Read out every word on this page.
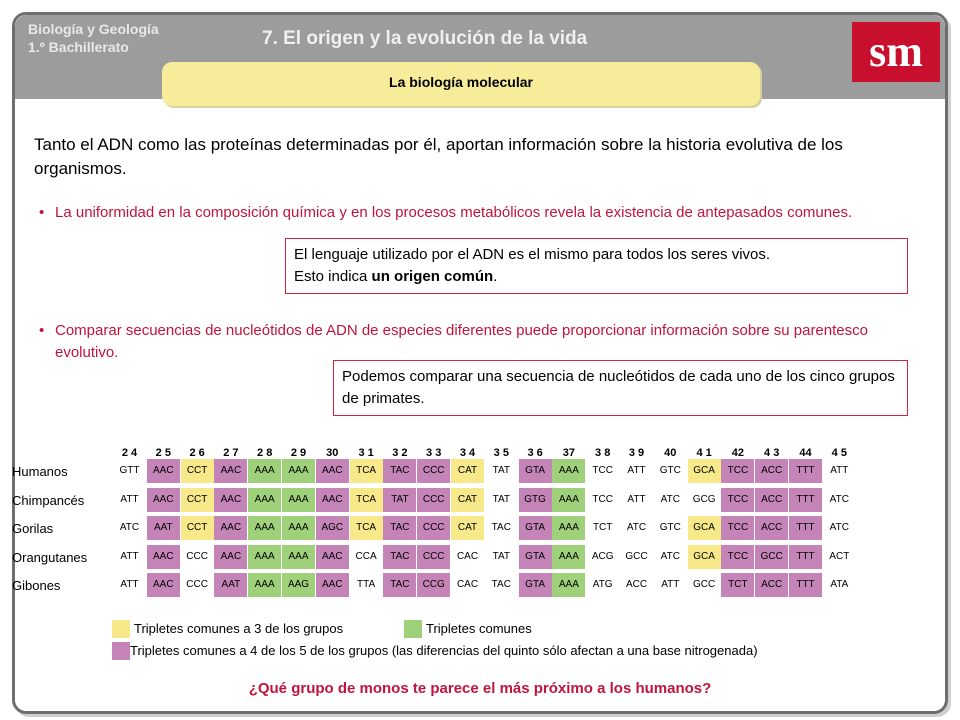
Biología y Geología
1.º Bachillerato	7. El origen y la evolución de la vida	sm
La biología molecular
Tanto el ADN como las proteínas determinadas por él, aportan información sobre la historia evolutiva de los organismos.
• La uniformidad en la composición química y en los procesos metabólicos revela la existencia de antepasados comunes.
El lenguaje utilizado por el ADN es el mismo para todos los seres vivos.
Esto indica un origen común.
• Comparar secuencias de nucleótidos de ADN de especies diferentes puede proporcionar información sobre su parentesco evolutivo.
Podemos comparar una secuencia de nucleótidos de cada uno de los cinco grupos de primates.
2 4	2 5	2 6	2 7	2 8	2 9	30	3 1	3 2	3 3	3 4	3 5	3 6	37	3 8	3 9	40	4 1	42	4 3	44	4 5
Humanos	GTT	AAC	CCT	AAC	AAA	AAA	AAC	TCA	TAC	CCC	CAT	TAT	GTA	AAA	TCC	ATT	GTC	GCA	TCC	ACC	TTT	ATT
Chimpancés	ATT	AAC	CCT	AAC	AAA	AAA	AAC	TCA	TAT	CCC	CAT	TAT	GTG	AAA	TCC	ATT	ATC	GCG	TCC	ACC	TTT	ATC
Gorilas	ATC	AAT	CCT	AAC	AAA	AAA	AGC	TCA	TAC	CCC	CAT	TAC	GTA	AAA	TCT	ATC	GTC	GCA	TCC	ACC	TTT	ATC
Orangutanes	ATT	AAC	CCC	AAC	AAA	AAA	AAC	CCA	TAC	CCC	CAC	TAT	GTA	AAA	ACG	GCC	ATC	GCA	TCC	GCC	TTT	ACT
Gibones	ATT	AAC	CCC	AAT	AAA	AAG	AAC	TTA	TAC	CCG	CAC	TAC	GTA	AAA	ATG	ACC	ATT	GCC	TCT	ACC	TTT	ATA
Tripletes comunes a 3 de los grupos	Tripletes comunes
Tripletes comunes a 4 de los 5 de los grupos (las diferencias del quinto sólo afectan a una base nitrogenada)
¿Qué grupo de monos te parece el más próximo a los humanos?
